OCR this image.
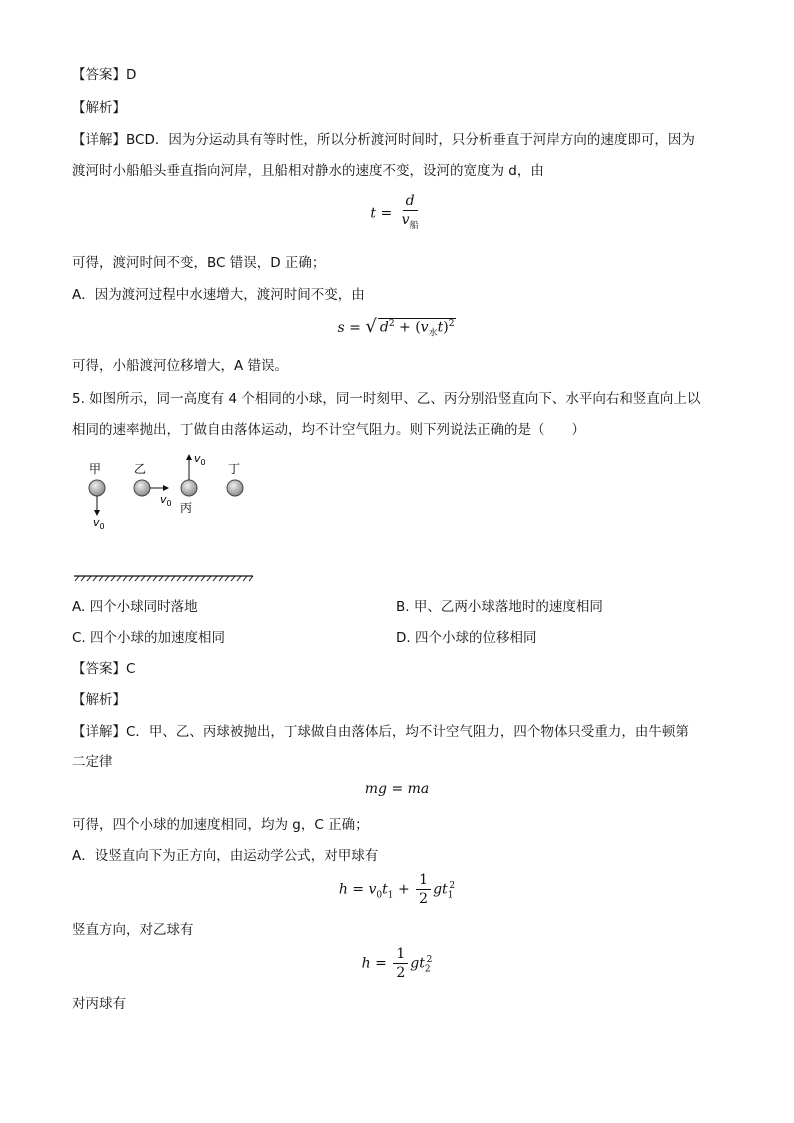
【答案】D
【解析】
【详解】BCD．因为分运动具有等时性，所以分析渡河时间时，只分析垂直于河岸方向的速度即可，因为
渡河时小船船头垂直指向河岸，且船相对静水的速度不变，设河的宽度为 d，由
$t = \frac{d}{v_船}$
可得，渡河时间不变，BC 错误，D 正确；
A．因为渡河过程中水速增大，渡河时间不变，由
s = √ $d^2 + (v_水t)^2$
可得，小船渡河位移增大，A 错误。
5. 如图所示，同一高度有 4 个相同的小球，同一时刻甲、乙、丙分别沿竖直向下、水平向右和竖直向上以
相同的速率抛出，丁做自由落体运动，均不计空气阻力。则下列说法正确的是（　　）
甲	乙	丁
丙
$v_0$
$v_0$
$v_0$
A. 四个小球同时落地	B. 甲、乙两小球落地时的速度相同
C. 四个小球的加速度相同	D. 四个小球的位移相同
【答案】C
【解析】
【详解】C．甲、乙、丙球被抛出，丁球做自由落体后，均不计空气阻力，四个物体只受重力，由牛顿第
二定律
mg = ma
可得，四个小球的加速度相同，均为 g，C 正确；
A．设竖直向下为正方向，由运动学公式，对甲球有
$h = v_0t_1 + \frac{1}{2} gt_1^2$
竖直方向，对乙球有
$h = \frac{1}{2} gt_2^2$
对丙球有
